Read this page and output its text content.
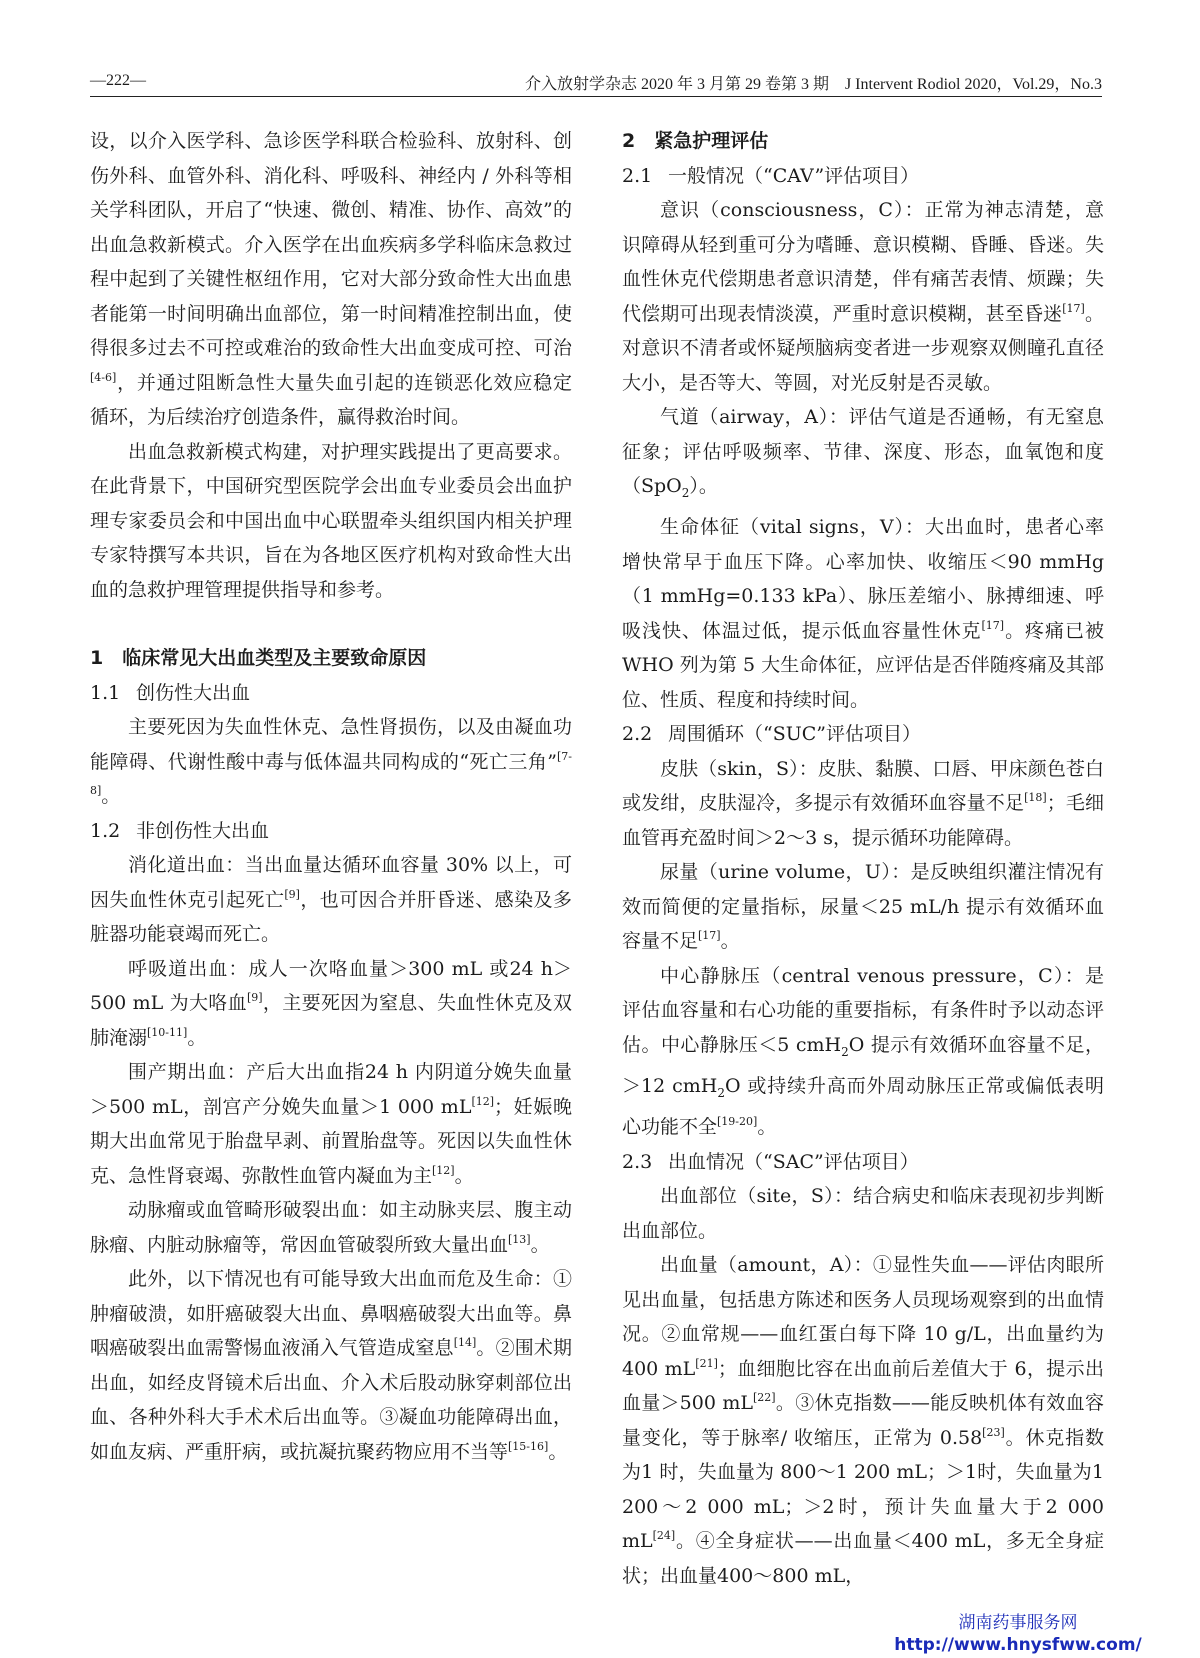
—222—	介入放射学杂志 2020 年 3 月第 29 卷第 3 期　J Intervent Rodiol 2020，Vol.29，No.3

设，以介入医学科、急诊医学科联合检验科、放射科、创伤外科、血管外科、消化科、呼吸科、神经内 / 外科等相关学科团队，开启了“快速、微创、精准、协作、高效”的出血急救新模式。介入医学在出血疾病多学科临床急救过程中起到了关键性枢纽作用，它对大部分致命性大出血患者能第一时间明确出血部位，第一时间精准控制出血，使得很多过去不可控或难治的致命性大出血变成可控、可治[4-6]，并通过阻断急性大量失血引起的连锁恶化效应稳定循环，为后续治疗创造条件，赢得救治时间。

出血急救新模式构建，对护理实践提出了更高要求。在此背景下，中国研究型医院学会出血专业委员会出血护理专家委员会和中国出血中心联盟牵头组织国内相关护理专家特撰写本共识，旨在为各地区医疗机构对致命性大出血的急救护理管理提供指导和参考。

1　临床常见大出血类型及主要致命原因

1.1 创伤性大出血

主要死因为失血性休克、急性肾损伤，以及由凝血功能障碍、代谢性酸中毒与低体温共同构成的“死亡三角”[7-8]。

1.2 非创伤性大出血

消化道出血：当出血量达循环血容量 30% 以上，可因失血性休克引起死亡[9]，也可因合并肝昏迷、感染及多脏器功能衰竭而死亡。

呼吸道出血：成人一次咯血量＞300 mL 或24 h＞500 mL 为大咯血[9]，主要死因为窒息、失血性休克及双肺淹溺[10-11]。

围产期出血：产后大出血指24 h 内阴道分娩失血量＞500 mL，剖宫产分娩失血量＞1 000 mL[12]；妊娠晚期大出血常见于胎盘早剥、前置胎盘等。死因以失血性休克、急性肾衰竭、弥散性血管内凝血为主[12]。

动脉瘤或血管畸形破裂出血：如主动脉夹层、腹主动脉瘤、内脏动脉瘤等，常因血管破裂所致大量出血[13]。

此外，以下情况也有可能导致大出血而危及生命：①肿瘤破溃，如肝癌破裂大出血、鼻咽癌破裂大出血等。鼻咽癌破裂出血需警惕血液涌入气管造成窒息[14]。②围术期出血，如经皮肾镜术后出血、介入术后股动脉穿刺部位出血、各种外科大手术术后出血等。③凝血功能障碍出血，如血友病、严重肝病，或抗凝抗聚药物应用不当等[15-16]。

2　紧急护理评估

2.1 一般情况（“CAV”评估项目）

意识（consciousness，C）：正常为神志清楚，意识障碍从轻到重可分为嗜睡、意识模糊、昏睡、昏迷。失血性休克代偿期患者意识清楚，伴有痛苦表情、烦躁；失代偿期可出现表情淡漠，严重时意识模糊，甚至昏迷[17]。对意识不清者或怀疑颅脑病变者进一步观察双侧瞳孔直径大小，是否等大、等圆，对光反射是否灵敏。

气道（airway，A）：评估气道是否通畅，有无窒息征象；评估呼吸频率、节律、深度、形态，血氧饱和度（SpO$_2$）。

生命体征（vital signs，V）：大出血时，患者心率增快常早于血压下降。心率加快、收缩压＜90 mmHg（1 mmHg=0.133 kPa）、脉压差缩小、脉搏细速、呼吸浅快、体温过低，提示低血容量性休克[17]。疼痛已被 WHO 列为第 5 大生命体征，应评估是否伴随疼痛及其部位、性质、程度和持续时间。

2.2 周围循环（“SUC”评估项目）

皮肤（skin，S）：皮肤、黏膜、口唇、甲床颜色苍白或发绀，皮肤湿冷，多提示有效循环血容量不足[18]；毛细血管再充盈时间＞2～3 s，提示循环功能障碍。

尿量（urine volume，U）：是反映组织灌注情况有效而简便的定量指标，尿量＜25 mL/h 提示有效循环血容量不足[17]。

中心静脉压（central venous pressure，C）：是评估血容量和右心功能的重要指标，有条件时予以动态评估。中心静脉压＜5 cmH$_2$O 提示有效循环血容量不足，＞12 cmH$_2$O 或持续升高而外周动脉压正常或偏低表明心功能不全[19-20]。

2.3 出血情况（“SAC”评估项目）

出血部位（site，S）：结合病史和临床表现初步判断出血部位。

出血量（amount，A）：①显性失血——评估肉眼所见出血量，包括患方陈述和医务人员现场观察到的出血情况。②血常规——血红蛋白每下降 10 g/L，出血量约为400 mL[21]；血细胞比容在出血前后差值大于 6，提示出血量＞500 mL[22]。③休克指数——能反映机体有效血容量变化，等于脉率/ 收缩压，正常为 0.58[23]。休克指数为1 时，失血量为 800～1 200 mL；＞1时，失血量为1 200～2 000 mL；＞2时，预计失血量大于2 000 mL[24]。④全身症状——出血量＜400 mL，多无全身症状；出血量400～800 mL，

湖南药事服务网
http://www.hnysfww.com/
